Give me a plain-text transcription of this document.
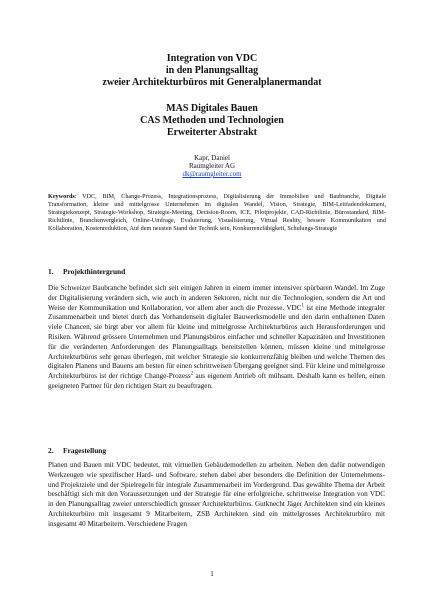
Integration von VDC
in den Planungsalltag
zweier Architekturbüros mit Generalplanermandat
MAS Digitales Bauen
CAS Methoden und Technologien
Erweiterter Abstrakt
Kapr, Daniel
Raumgleiter AG
dk@raumgleiter.com
Keywords: VDC, BIM, Change-Prozess, Integrationsprozess, Digitalisierung der Immobilien und Baubranche, Digitale Transformation, kleine und mittelgrosse Unternehmen im digitalen Wandel, Vision, Strategie, BIM-Leitfadendokument, Strategiekonzept, Strategie-Workshop, Strategie-Meeting, Decision-Room, ICE, Pilotprojekte, CAD-Richtlinie, Bürostandard, BIM-Richtlinie, Branchenvergleich, Online-Umfrage, Evaluierung, Visualisierung, Virtual Reality, bessere Kommunikation und Kollaboration, Kostenreduktion, Auf dem neusten Stand der Technik sein, Konkurrenzfähigkeit, Schulungs-Strategie
1. Projekthintergrund
Die Schweizer Baubranche befindet sich seit einigen Jahren in einem immer intensiver spürbaren Wandel. Im Zuge der Digitalisierung verändern sich, wie auch in anderen Sektoren, nicht nur die Technologien, sondern die Art und Weise der Kommunikation und Kollaboration, vor allem aber auch die Prozesse. VDC$^1$ ist eine Methode integraler Zusammenarbeit und bietet durch das Vorhandensein digitaler Bauwerksmodelle und den darin enthaltenen Daten viele Chancen, sie birgt aber vor allem für kleine und mittelgrosse Architekturbüros auch Herausforderungen und Risiken. Während grössere Unternehmen und Planungsbüros einfacher und schneller Kapazitäten und Investitionen für die veränderten Anforderungen des Planungsalltags bereitstellen können, müssen kleine und mittelgrosse Architekturbüros sehr genau überlegen, mit welcher Strategie sie konkurrenzfähig bleiben und welche Themen des digitalen Planens und Bauens am besten für einen schrittweisen Übergang geeignet sind. Für kleine und mittelgrosse Architekturbüros ist der richtige Change-Prozess$^2$ aus eigenem Antrieb oft mühsam. Deshalb kann es helfen, einen geeigneten Partner für den richtigen Start zu beauftragen.
2. Fragestellung
Planen und Bauen mit VDC bedeutet, mit virtuellen Gebäudemodellen zu arbeiten. Neben den dafür notwendigen Werkzeugen wie spezifischer Hard- und Software, stehen dabei aber besonders die Definition der Unternehmens- und Projektziele und der Spielregeln für integrale Zusammenarbeit im Vordergrund. Das gewählte Thema der Arbeit beschäftigt sich mit den Voraussetzungen und der Strategie für eine erfolgreiche, schrittweise Integration von VDC in den Planungsalltag zweier unterschiedlich grosser Architekturbüros. Gutknecht Jäger Architekten sind ein kleines Architekturbüro mit insgesamt 9 Mitarbeitern, ZSB Architekten sind ein mittelgrosses Architekturbüro mit insgesamt 40 Mitarbeitern. Verschiedene Fragen
1
